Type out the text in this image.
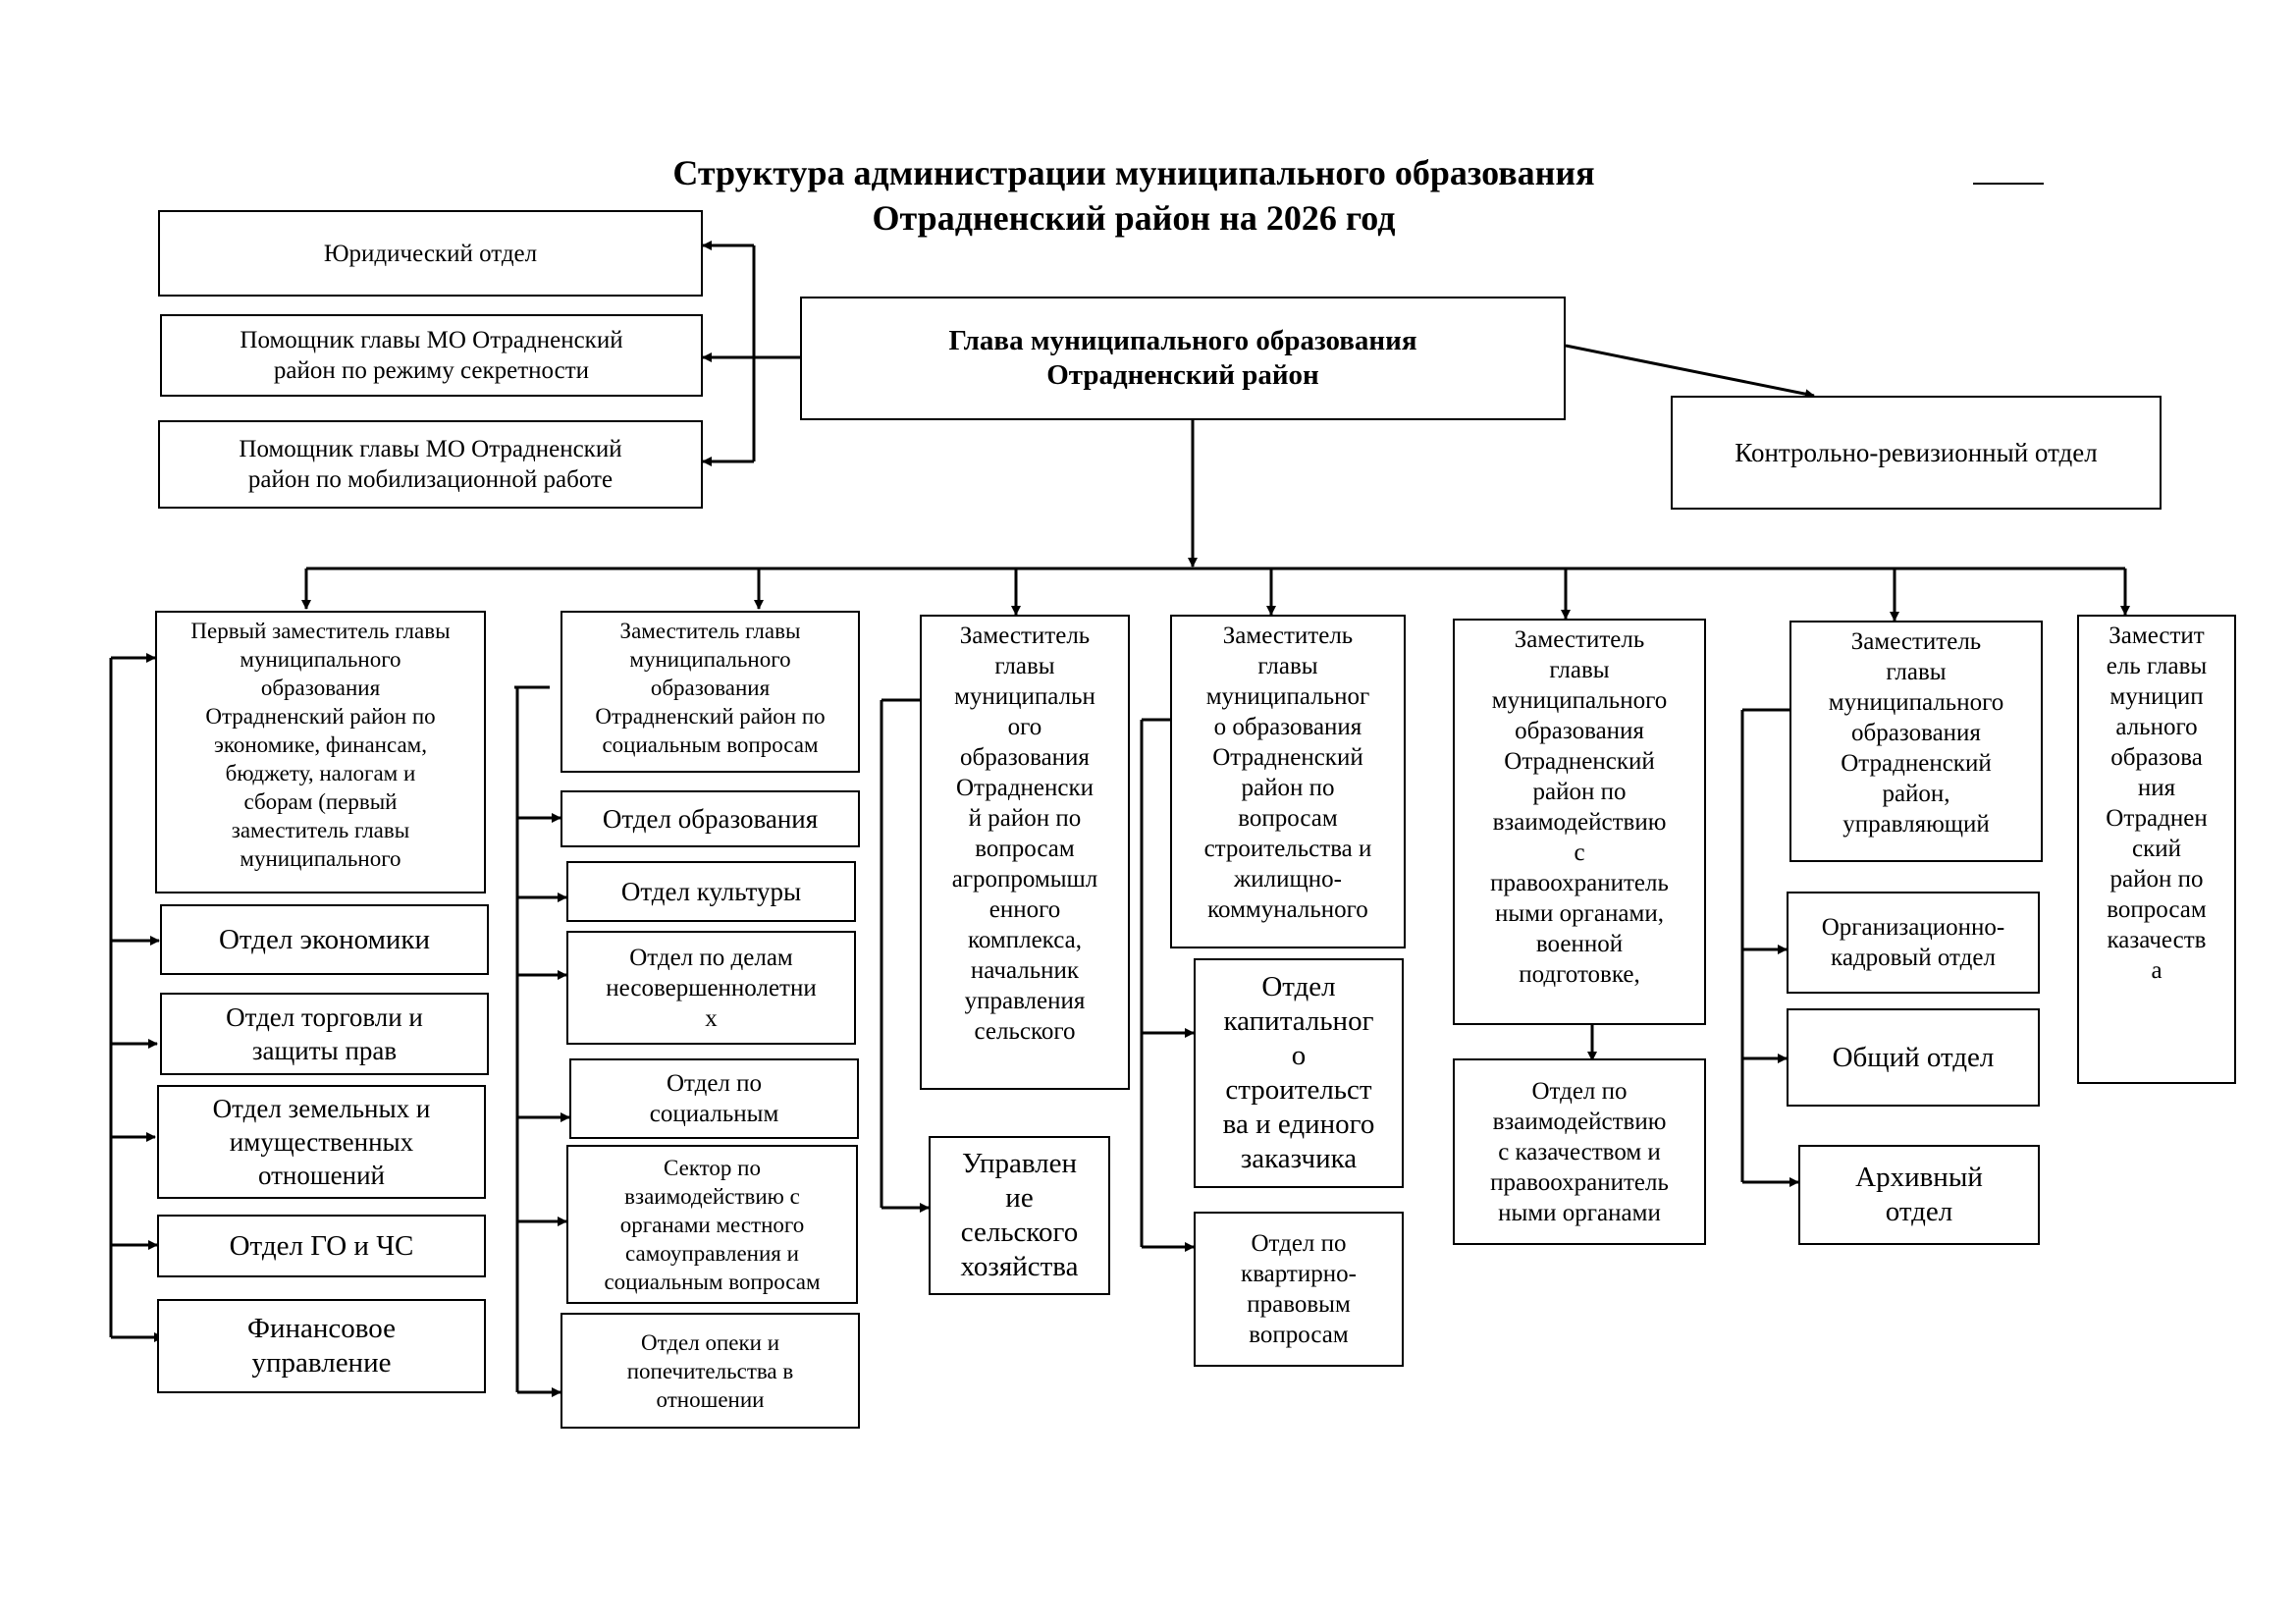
Структура администрации муниципального образования
Отрадненский район на 2026 год
Глава муниципального образования
Отрадненский район
Юридический отдел
Помощник главы МО Отрадненский
район по режиму секретности
Помощник главы МО Отрадненский
район по мобилизационной работе
Контрольно-ревизионный отдел
Первый заместитель главы
муниципального
образования
Отрадненский район по
экономике, финансам,
бюджету, налогам и
сборам (первый
заместитель главы
муниципального
Заместитель главы
муниципального
образования
Отрадненский район по
социальным вопросам
Заместитель
главы
муниципальн
ого
образования
Отрадненски
й район по
вопросам
агропромышл
енного
комплекса,
начальник
управления
сельского
Заместитель
главы
муниципальног
о образования
Отрадненский
район по
вопросам
строительства и
жилищно-
коммунального
Заместитель
главы
муниципального
образования
Отрадненский
район по
взаимодействию
с
правоохранитель
ными органами,
военной
подготовке,
Заместитель
главы
муниципального
образования
Отрадненский
район,
управляющий
Заместит
ель главы
муницип
ального
образова
ния
Отраднен
ский
район по
вопросам
казачеств
а
Отдел экономики
Отдел торговли и
защиты прав
Отдел земельных и
имущественных
отношений
Отдел ГО и ЧС
Финансовое
управление
Отдел образования
Отдел культуры
Отдел по делам
несовершеннолетни
х
Отдел по
социальным
Сектор по
взаимодействию с
органами местного
самоуправления и
социальным вопросам
Отдел опеки и
попечительства в
отношении
Управлен
ие
сельского
хозяйства
Отдел
капитальног
о
строительст
ва и единого
заказчика
Отдел по
квартирно-
правовым
вопросам
Отдел по
взаимодействию
с казачеством и
правоохранитель
ными органами
Организационно-
кадровый отдел
Общий отдел
Архивный
отдел
